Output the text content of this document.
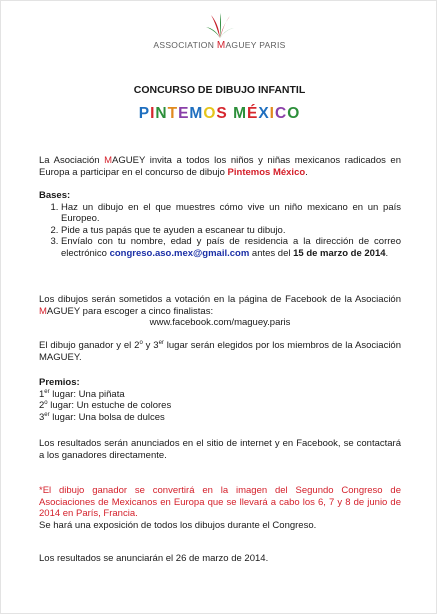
ASSOCIATION MAGUEY PARIS
CONCURSO DE DIBUJO INFANTIL
PINTEMOS MÉXICO
La Asociación MAGUEY invita a todos los niños y niñas mexicanos radicados en Europa a participar en el concurso de dibujo Pintemos México.
Bases:
1. Haz un dibujo en el que muestres cómo vive un niño mexicano en un país Europeo.
2. Pide a tus papás que te ayuden a escanear tu dibujo.
3. Envíalo con tu nombre, edad y país de residencia a la dirección de correo electrónico congreso.aso.mex@gmail.com antes del 15 de marzo de 2014.
Los dibujos serán sometidos a votación en la página de Facebook de la Asociación MAGUEY para escoger a cinco finalistas:
www.facebook.com/maguey.paris
El dibujo ganador y el 2$^o$ y 3er lugar serán elegidos por los miembros de la Asociación MAGUEY.
Premios:
1er lugar: Una piñata
2$^o$ lugar: Un estuche de colores
3er lugar: Una bolsa de dulces
Los resultados serán anunciados en el sitio de internet y en Facebook, se contactará a los ganadores directamente.
*El dibujo ganador se convertirá en la imagen del Segundo Congreso de Asociaciones de Mexicanos en Europa que se llevará a cabo los 6, 7 y 8 de junio de 2014 en París, Francia.
Se hará una exposición de todos los dibujos durante el Congreso.
Los resultados se anunciarán el 26 de marzo de 2014.
